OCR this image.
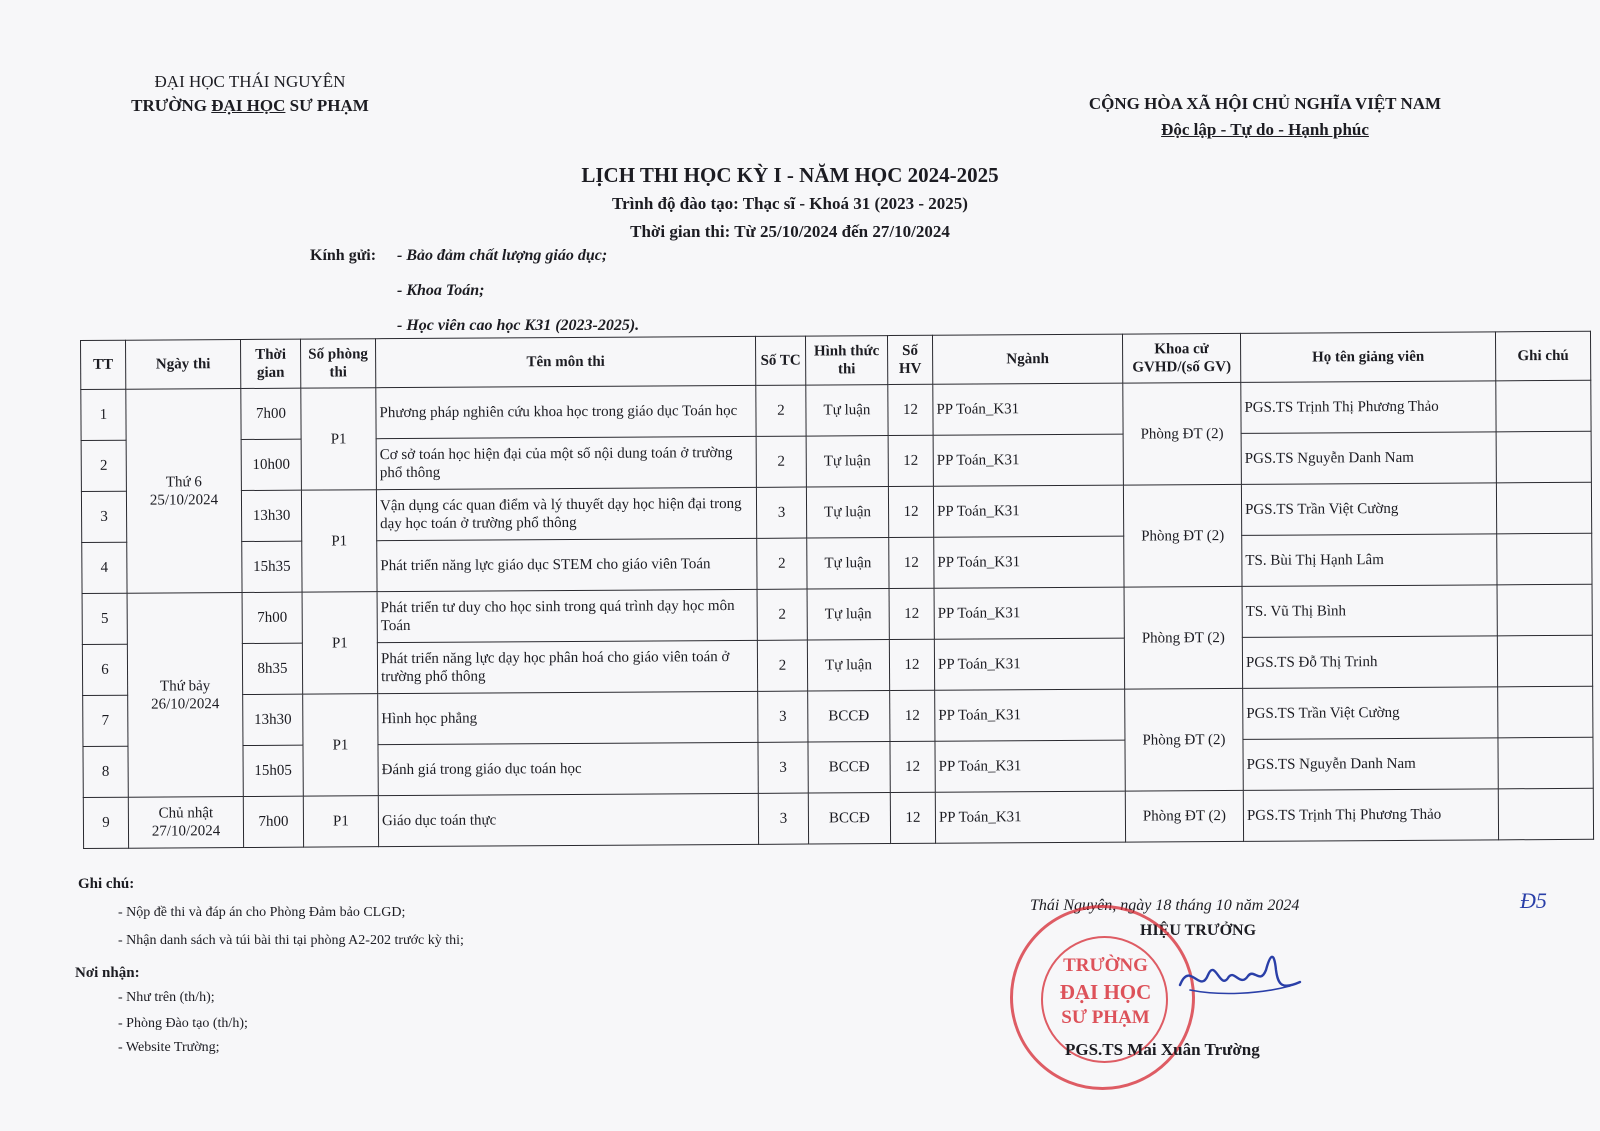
ĐẠI HỌC THÁI NGUYÊN
TRƯỜNG ĐẠI HỌC SƯ PHẠM	CỘNG HÒA XÃ HỘI CHỦ NGHĨA VIỆT NAM
Độc lập - Tự do - Hạnh phúc
LỊCH THI HỌC KỲ I - NĂM HỌC 2024-2025
Trình độ đào tạo: Thạc sĩ - Khoá 31 (2023 - 2025)
Thời gian thi: Từ 25/10/2024 đến 27/10/2024
Kính gửi: - Bảo đảm chất lượng giáo dục;
- Khoa Toán;
- Học viên cao học K31 (2023-2025).
TT	Ngày thi	Thời gian	Số phòng thi	Tên môn thi	Số TC	Hình thức thi	Số HV	Ngành	Khoa cử GVHD/(số GV)	Họ tên giảng viên	Ghi chú
1	Thứ 6 25/10/2024	7h00	P1	Phương pháp nghiên cứu khoa học trong giáo dục Toán học	2	Tự luận	12	PP Toán_K31	Phòng ĐT (2)	PGS.TS Trịnh Thị Phương Thảo	
2		10h00		Cơ sở toán học hiện đại của một số nội dung toán ở trường phổ thông	2	Tự luận	12	PP Toán_K31		PGS.TS Nguyễn Danh Nam	
3		13h30	P1	Vận dụng các quan điểm và lý thuyết dạy học hiện đại trong dạy học toán ở trường phổ thông	3	Tự luận	12	PP Toán_K31	Phòng ĐT (2)	PGS.TS Trần Việt Cường	
4		15h35		Phát triển năng lực giáo dục STEM cho giáo viên Toán	2	Tự luận	12	PP Toán_K31		TS. Bùi Thị Hạnh Lâm	
5	Thứ bảy 26/10/2024	7h00	P1	Phát triển tư duy cho học sinh trong quá trình dạy học môn Toán	2	Tự luận	12	PP Toán_K31	Phòng ĐT (2)	TS. Vũ Thị Bình	
6		8h35		Phát triển năng lực dạy học phân hoá cho giáo viên toán ở trường phổ thông	2	Tự luận	12	PP Toán_K31		PGS.TS Đỗ Thị Trinh	
7		13h30	P1	Hình học phẳng	3	BCCĐ	12	PP Toán_K31	Phòng ĐT (2)	PGS.TS Trần Việt Cường	
8		15h05		Đánh giá trong giáo dục toán học	3	BCCĐ	12	PP Toán_K31		PGS.TS Nguyễn Danh Nam	
9	Chủ nhật 27/10/2024	7h00	P1	Giáo dục toán thực	3	BCCĐ	12	PP Toán_K31	Phòng ĐT (2)	PGS.TS Trịnh Thị Phương Thảo	
Ghi chú:
- Nộp đề thi và đáp án cho Phòng Đảm bảo CLGD;
- Nhận danh sách và túi bài thi tại phòng A2-202 trước kỳ thi;
Nơi nhận:
- Như trên (th/h);
- Phòng Đào tạo (th/h);
- Website Trường;
Thái Nguyên, ngày 18 tháng 10 năm 2024
HIỆU TRƯỞNG
TRƯỜNG
ĐẠI HỌC
SƯ PHẠM
PGS.TS Mai Xuân Trường
Đ5
